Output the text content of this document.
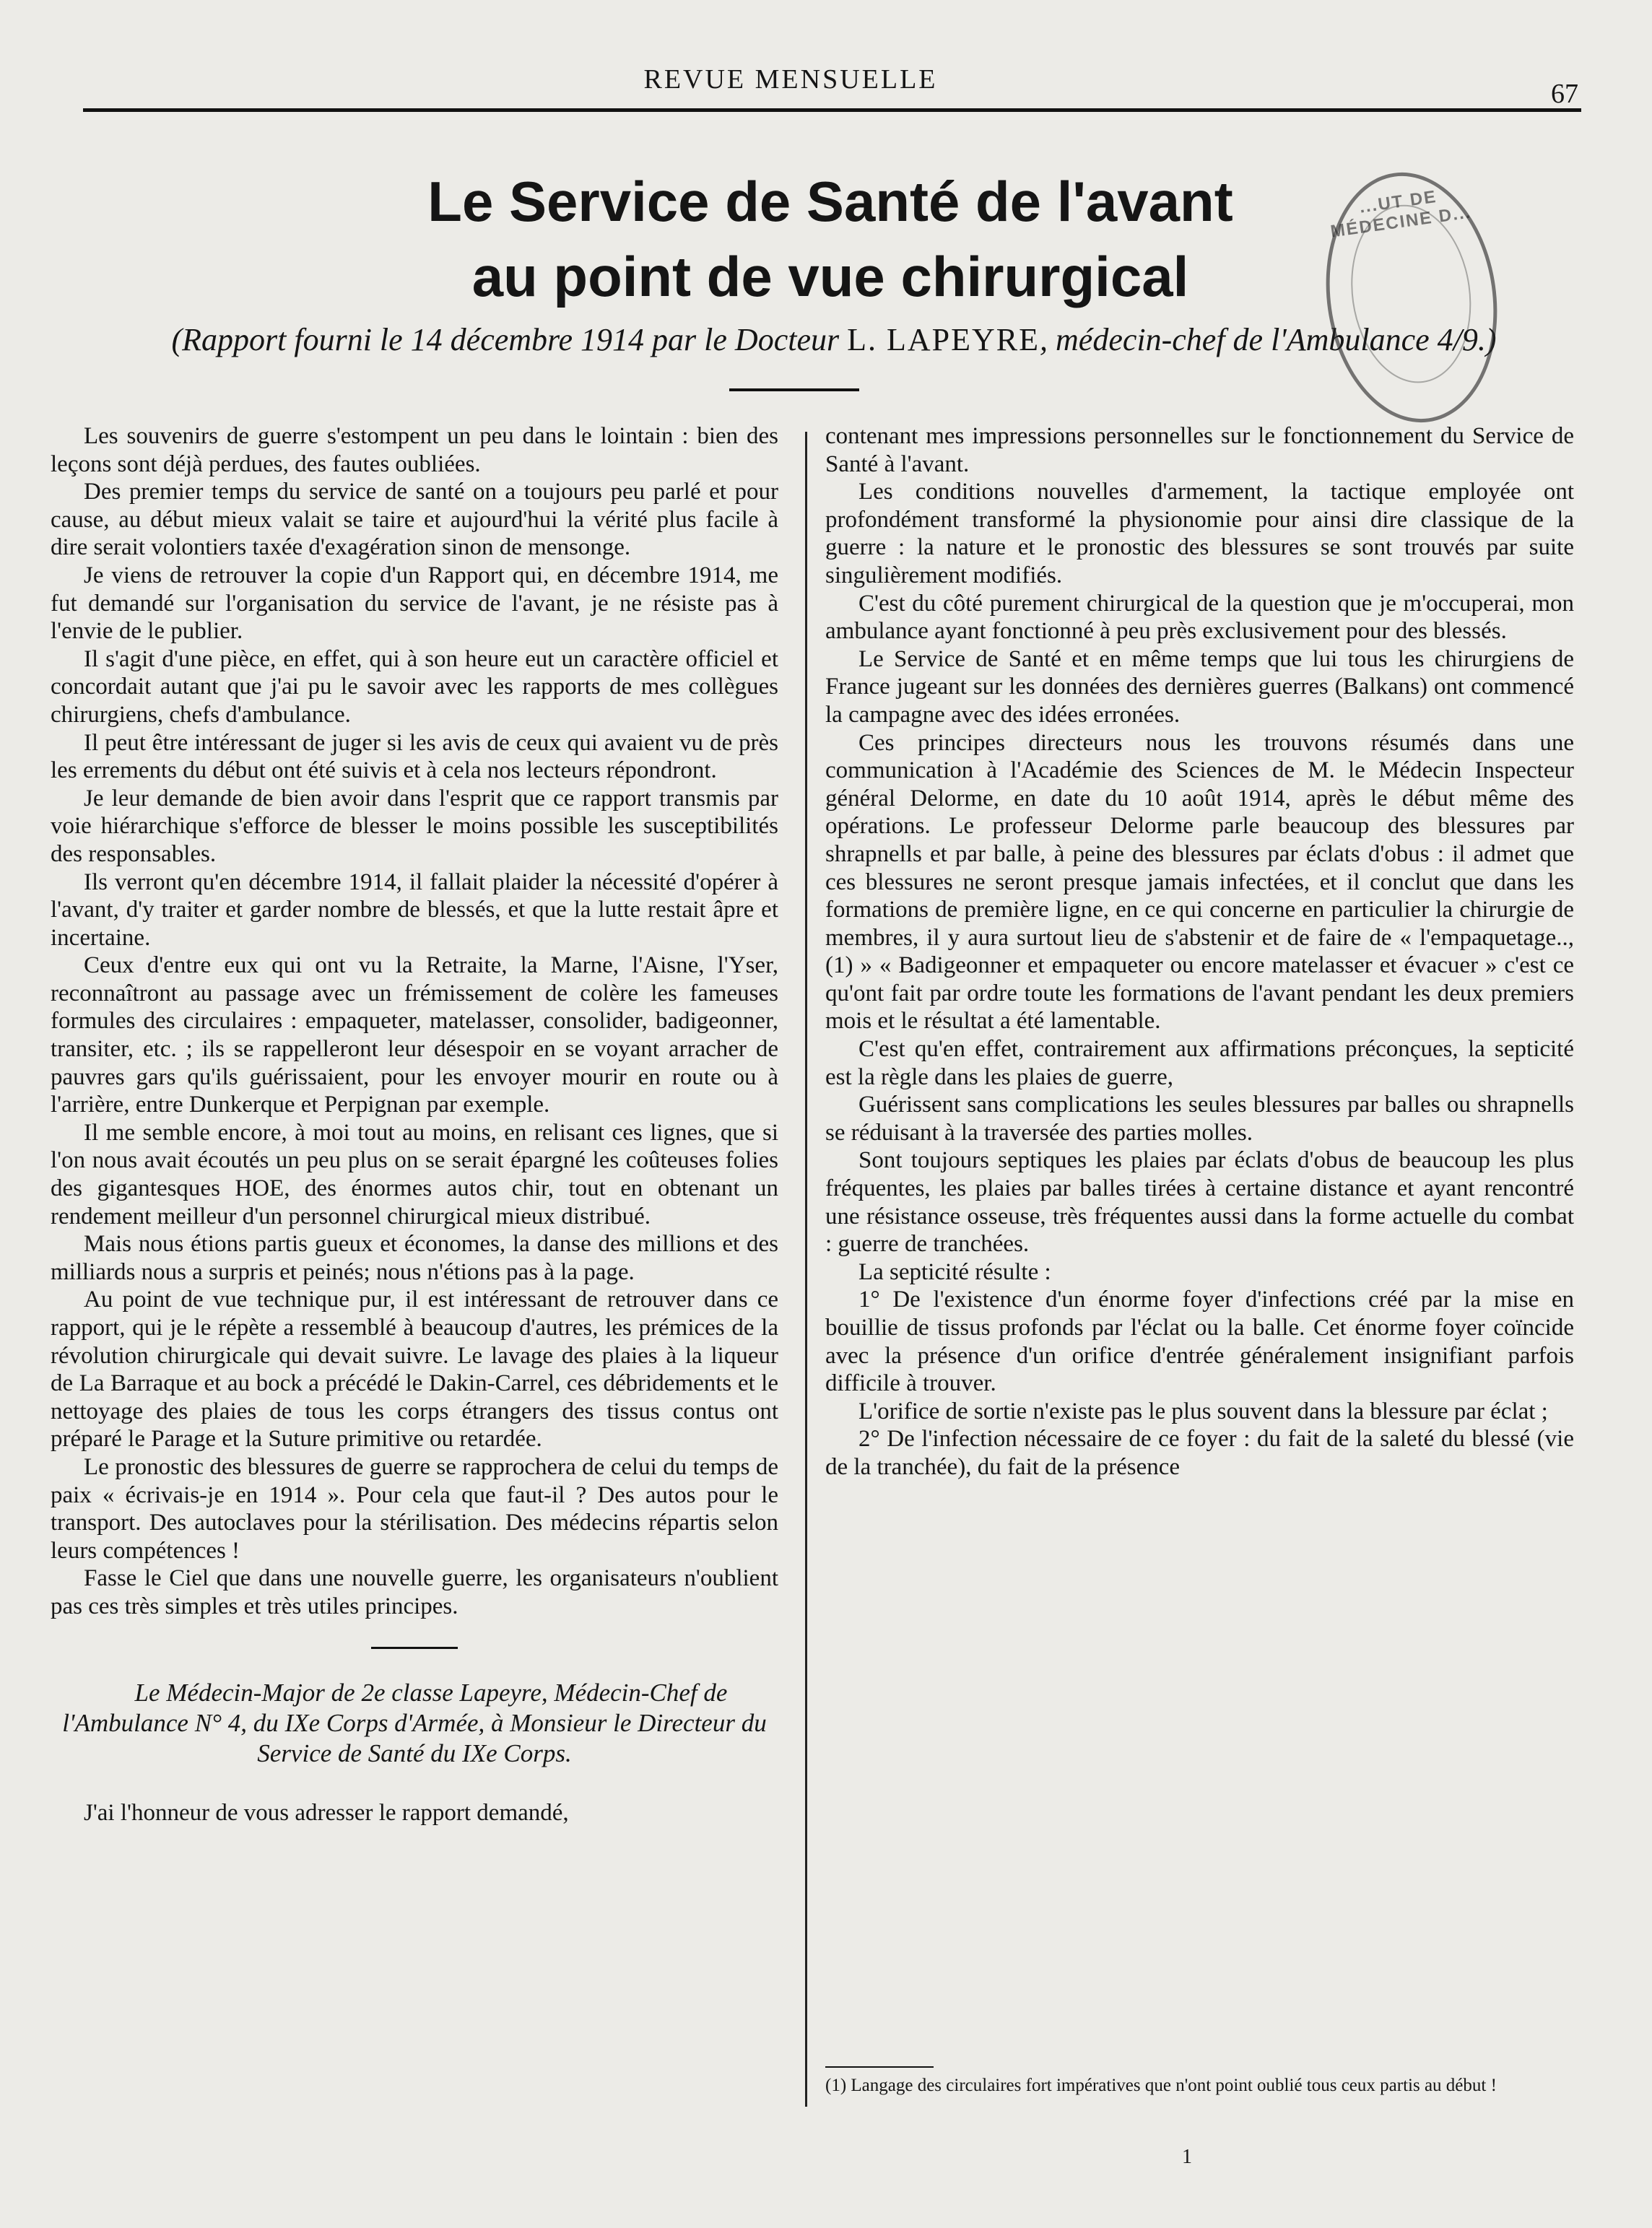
REVUE MENSUELLE	67
Le Service de Santé de l'avant
au point de vue chirurgical
(Rapport fourni le 14 décembre 1914 par le Docteur L. LAPEYRE, médecin-chef de l'Ambulance 4/9.)
...UT DE MÉDECINE D...

Les souvenirs de guerre s'estompent un peu dans le lointain : bien des leçons sont déjà perdues, des fautes oubliées.

Des premier temps du service de santé on a toujours peu parlé et pour cause, au début mieux valait se taire et aujourd'hui la vérité plus facile à dire serait volontiers taxée d'exagération sinon de mensonge.

Je viens de retrouver la copie d'un Rapport qui, en décembre 1914, me fut demandé sur l'organisation du service de l'avant, je ne résiste pas à l'envie de le publier.

Il s'agit d'une pièce, en effet, qui à son heure eut un caractère officiel et concordait autant que j'ai pu le savoir avec les rapports de mes collègues chirurgiens, chefs d'ambulance.

Il peut être intéressant de juger si les avis de ceux qui avaient vu de près les errements du début ont été suivis et à cela nos lecteurs répondront.

Je leur demande de bien avoir dans l'esprit que ce rapport transmis par voie hiérarchique s'efforce de blesser le moins possible les susceptibilités des responsables.

Ils verront qu'en décembre 1914, il fallait plaider la nécessité d'opérer à l'avant, d'y traiter et garder nombre de blessés, et que la lutte restait âpre et incertaine.

Ceux d'entre eux qui ont vu la Retraite, la Marne, l'Aisne, l'Yser, reconnaîtront au passage avec un frémissement de colère les fameuses formules des circulaires : empaqueter, matelasser, consolider, badigeonner, transiter, etc. ; ils se rappelleront leur désespoir en se voyant arracher de pauvres gars qu'ils guérissaient, pour les envoyer mourir en route ou à l'arrière, entre Dunkerque et Perpignan par exemple.

Il me semble encore, à moi tout au moins, en relisant ces lignes, que si l'on nous avait écoutés un peu plus on se serait épargné les coûteuses folies des gigantesques HOE, des énormes autos chir, tout en obtenant un rendement meilleur d'un personnel chirurgical mieux distribué.

Mais nous étions partis gueux et économes, la danse des millions et des milliards nous a surpris et peinés; nous n'étions pas à la page.

Au point de vue technique pur, il est intéressant de retrouver dans ce rapport, qui je le répète a ressemblé à beaucoup d'autres, les prémices de la révolution chirurgicale qui devait suivre. Le lavage des plaies à la liqueur de La Barraque et au bock a précédé le Dakin-Carrel, ces débridements et le nettoyage des plaies de tous les corps étrangers des tissus contus ont préparé le Parage et la Suture primitive ou retardée.

Le pronostic des blessures de guerre se rapprochera de celui du temps de paix « écrivais-je en 1914 ». Pour cela que faut-il ? Des autos pour le transport. Des autoclaves pour la stérilisation. Des médecins répartis selon leurs compétences !

Fasse le Ciel que dans une nouvelle guerre, les organisateurs n'oublient pas ces très simples et très utiles principes.

Le Médecin-Major de 2e classe Lapeyre, Médecin-Chef de l'Ambulance N° 4, du IXe Corps d'Armée, à Monsieur le Directeur du Service de Santé du IXe Corps.

J'ai l'honneur de vous adresser le rapport demandé,

contenant mes impressions personnelles sur le fonctionnement du Service de Santé à l'avant.

Les conditions nouvelles d'armement, la tactique employée ont profondément transformé la physionomie pour ainsi dire classique de la guerre : la nature et le pronostic des blessures se sont trouvés par suite singulièrement modifiés.

C'est du côté purement chirurgical de la question que je m'occuperai, mon ambulance ayant fonctionné à peu près exclusivement pour des blessés.

Le Service de Santé et en même temps que lui tous les chirurgiens de France jugeant sur les données des dernières guerres (Balkans) ont commencé la campagne avec des idées erronées.

Ces principes directeurs nous les trouvons résumés dans une communication à l'Académie des Sciences de M. le Médecin Inspecteur général Delorme, en date du 10 août 1914, après le début même des opérations. Le professeur Delorme parle beaucoup des blessures par shrapnells et par balle, à peine des blessures par éclats d'obus : il admet que ces blessures ne seront presque jamais infectées, et il conclut que dans les formations de première ligne, en ce qui concerne en particulier la chirurgie de membres, il y aura surtout lieu de s'abstenir et de faire de « l'empaquetage.., (1) » « Badigeonner et empaqueter ou encore matelasser et évacuer » c'est ce qu'ont fait par ordre toute les formations de l'avant pendant les deux premiers mois et le résultat a été lamentable.

C'est qu'en effet, contrairement aux affirmations préconçues, la septicité est la règle dans les plaies de guerre,

Guérissent sans complications les seules blessures par balles ou shrapnells se réduisant à la traversée des parties molles.

Sont toujours septiques les plaies par éclats d'obus de beaucoup les plus fréquentes, les plaies par balles tirées à certaine distance et ayant rencontré une résistance osseuse, très fréquentes aussi dans la forme actuelle du combat : guerre de tranchées.

La septicité résulte :

1° De l'existence d'un énorme foyer d'infections créé par la mise en bouillie de tissus profonds par l'éclat ou la balle. Cet énorme foyer coïncide avec la présence d'un orifice d'entrée généralement insignifiant parfois difficile à trouver.

L'orifice de sortie n'existe pas le plus souvent dans la blessure par éclat ;

2° De l'infection nécessaire de ce foyer : du fait de la saleté du blessé (vie de la tranchée), du fait de la présence

(1) Langage des circulaires fort impératives que n'ont point oublié tous ceux partis au début !

1
